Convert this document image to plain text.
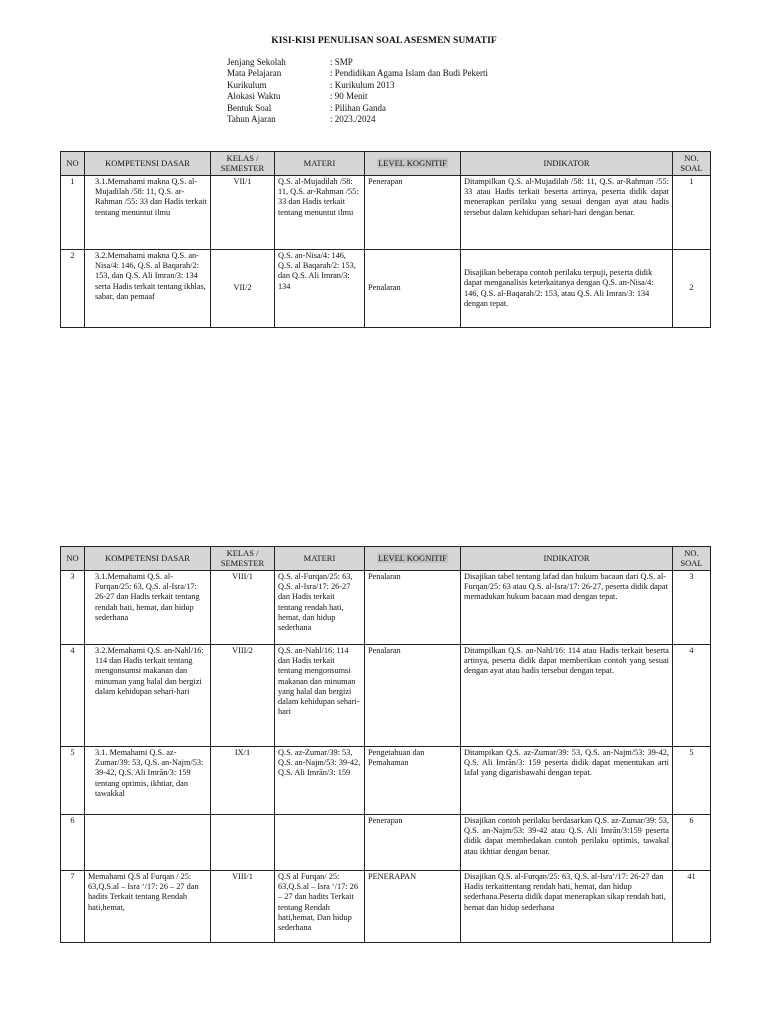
KISI-KISI PENULISAN SOAL ASESMEN SUMATIF
Jenjang Sekolah	: SMP
Mata Pelajaran	: Pendidikan Agama Islam dan Budi Pekerti
Kurikulum	: Kurikulum 2013
Alokasi Waktu	: 90 Menit
Bentuk Soal	: Pilihan Ganda
Tahun Ajaran	: 2023./2024
NO	KOMPETENSI DASAR	KELAS / SEMESTER	MATERI	LEVEL KOGNITIF	INDIKATOR	NO. SOAL
1	3.1.Memahami makna Q.S. al-Mujadilah /58: 11, Q.S. ar-Rahman /55: 33 dan Hadis terkait tentang menuntut ilmu	VII/1	Q.S. al-Mujadilah /58: 11, Q.S. ar-Rahman /55: 33 dan Hadis terkait tentang menuntut ilmu	Penerapan	Ditampilkan Q.S. al-Mujadilah /58: 11, Q.S. ar-Rahman /55: 33 atau Hadis terkait beserta artinya, peserta didik dapat menerapkan perilaku yang sesuai dengan ayat atau hadis tersebut dalam kehidupan sehari-hari dengan benar.	1
2	3.2.Memahami makna Q.S. an-Nisa/4: 146, Q.S. al Baqarah/2: 153, dan Q.S. Ali Imran/3: 134 serta Hadis terkait tentang ikhlas, sabar, dan pemaaf	VII/2	Q.S. an-Nisa/4: 146, Q.S. al Baqarah/2: 153, dan Q.S. Ali Imran/3: 134	Penalaran	Disajikan beberapa contoh perilaku terpuji, peserta didik dapat menganalisis keterkaitanya dengan Q.S. an-Nisa/4: 146, Q.S. al-Baqarah/2: 153, atau Q.S. Ali Imran/3: 134 dengan tepat.	2
NO	KOMPETENSI DASAR	KELAS / SEMESTER	MATERI	LEVEL KOGNITIF	INDIKATOR	NO. SOAL
3	3.1.Memahami Q.S. al-Furqan/25: 63, Q.S. al-Isra/17: 26-27 dan Hadis terkait tentang rendah hati, hemat, dan hidup sederhana	VIII/1	Q.S. al-Furqan/25: 63, Q.S. al-Isra/17: 26-27 dan Hadis terkait tentang rendah hati, hemat, dan hidup sederhana	Penalaran	Disajikan tabel tentang lafad dan hukum bacaan dari Q.S. al-Furqan/25: 63 atau Q.S. al-Isra/17: 26-27, peserta didik dapat memadukan hukum bacaan mad dengan tepat.	3
4	3.2.Memahami Q.S. an-Nahl/16: 114 dan Hadis terkait tentang mengonsumsi makanan dan minuman yang halal dan bergizi dalam kehidupan sehari-hari	VIII/2	Q.S. an-Nahl/16: 114 dan Hadis terkait tentang mengonsumsi makanan dan minuman yang halal dan bergizi dalam kehidupan sehari-hari	Penalaran	Ditampilkan Q.S. an-Nahl/16: 114 atau Hadis terkait beserta artinya, peserta didik dapat memberikan contoh yang sesuai dengan ayat atau hadis tersebut dengan tepat.	4
5	3.1. Memahami Q.S. az-Zumar/39: 53, Q.S. an-Najm/53: 39-42, Q.S. Ali Imrān/3: 159 tentang optimis, ikhtiar, dan tawakkal	IX/1	Q.S. az-Zumar/39: 53, Q.S. an-Najm/53: 39-42, Q.S. Ali Imrān/3: 159	Pengetahuan dan Pemahaman	Ditampikan Q.S. az-Zumar/39: 53, Q.S. an-Najm/53: 39-42, Q.S. Ali Imrān/3: 159 peserta didik dapat menentukan arti lafal yang digarisbawahi dengan tepat.	5
6				Penerapan	Disajikan contoh perilaku berdasarkan Q.S. az-Zumar/39: 53, Q.S. an-Najm/53: 39-42 atau Q.S. Ali Imrān/3:159 peserta didik dapat membedakan contoh perilaku optimis, tawakal atau ikhtiar dengan benar.	6
7	Memahami Q.S al Furqan / 25: 63,Q.S.al – Isra ‘/17: 26 – 27 dan hadits Terkait tentang Rendah hati,hemat,	VIII/1	Q.S al Furqan/ 25: 63,Q.S.al – Isra ‘/17: 26 – 27 dan hadits Terkait tentang Rendah hati,hemat, Dan hidup sederhana	PENERAPAN	Disajikan Q.S. al-Furqan/25: 63, Q.S. al-Isra’/17: 26-27 dan Hadis terkaittentang rendah hati, hemat, dan hidup sederhana.Peserta didik dapat menerapkan sikap rendah hati, hemat dan hidup sederhana	41
